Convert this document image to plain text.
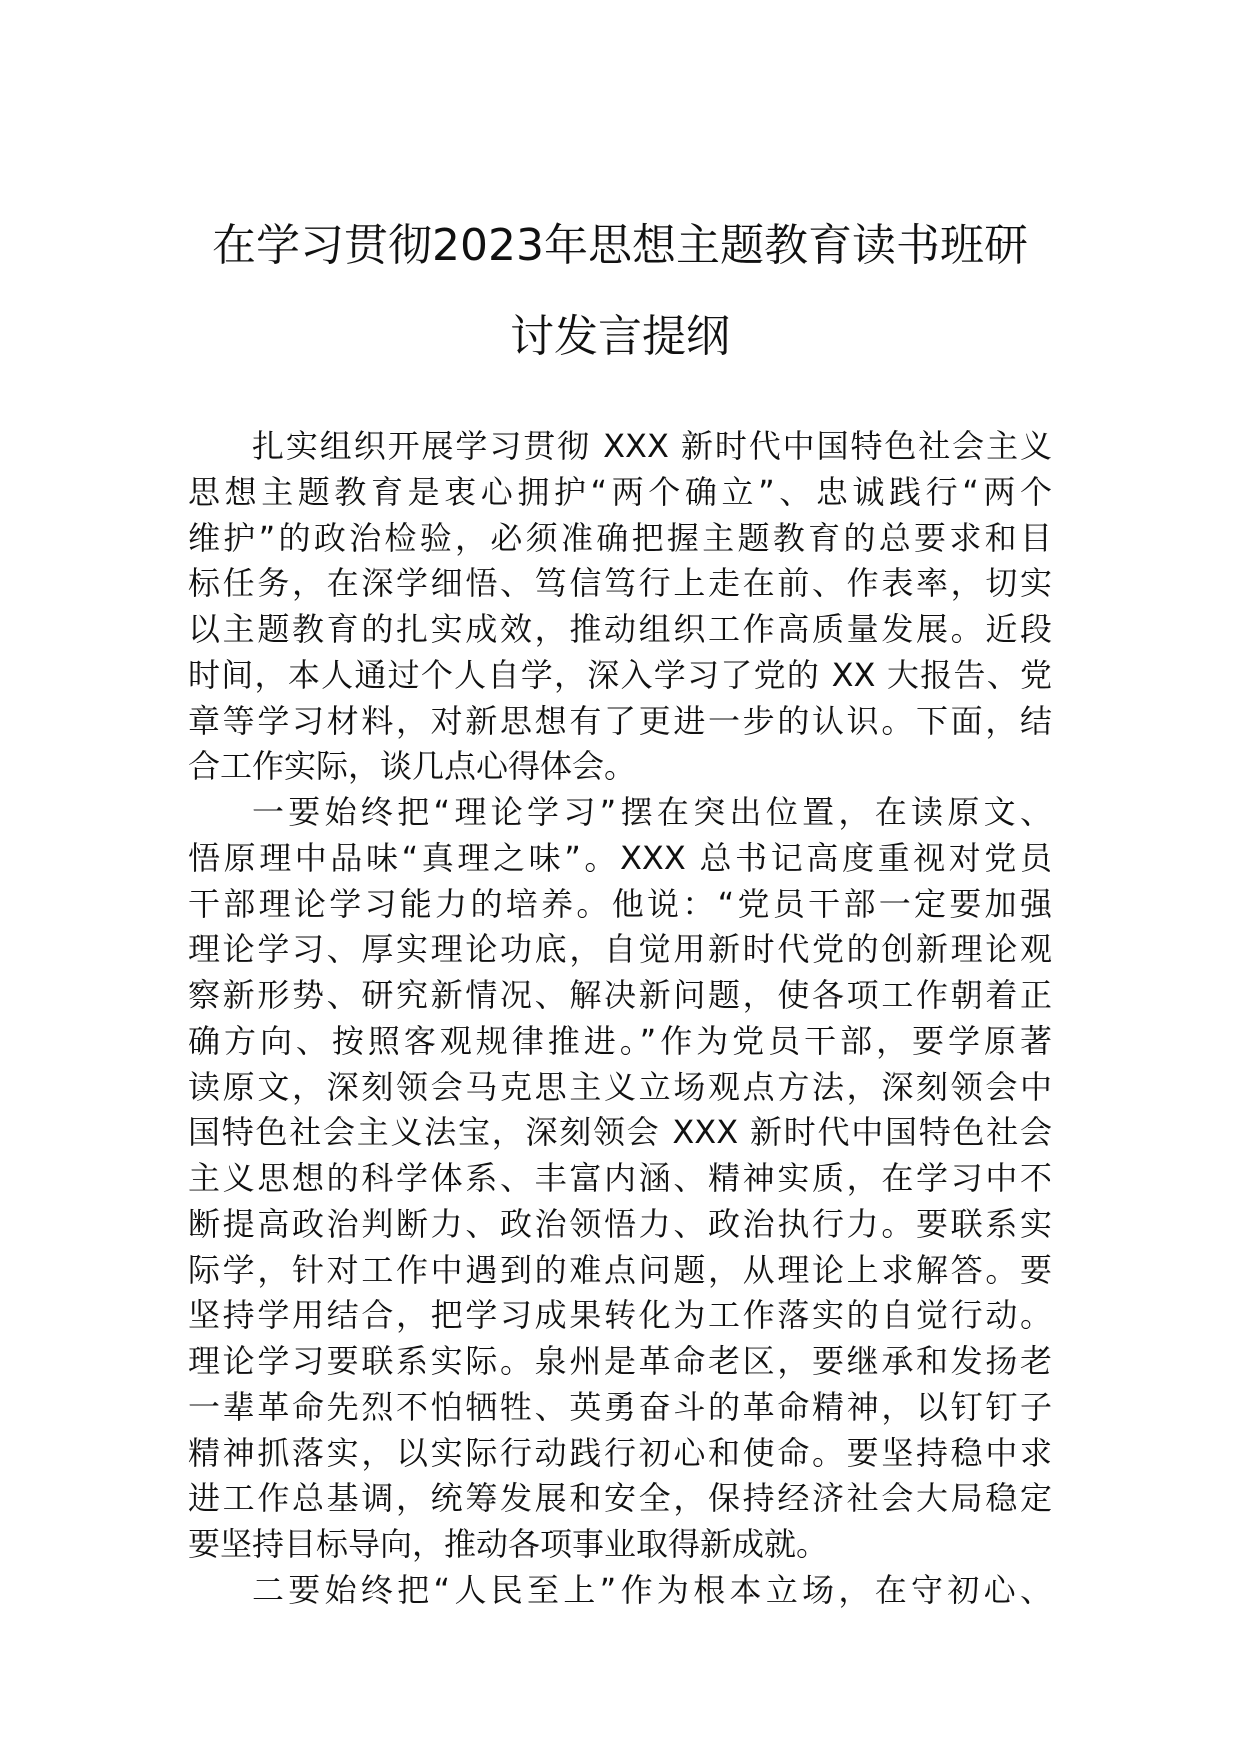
在学习贯彻2023年思想主题教育读书班研
讨发言提纲
扎实组织开展学习贯彻 XXX 新时代中国特色社会主义
思想主题教育是衷心拥护“两个确立”、忠诚践行“两个
维护”的政治检验，必须准确把握主题教育的总要求和目
标任务，在深学细悟、笃信笃行上走在前、作表率，切实
以主题教育的扎实成效，推动组织工作高质量发展。近段
时间，本人通过个人自学，深入学习了党的 XX 大报告、党
章等学习材料，对新思想有了更进一步的认识。下面，结
合工作实际，谈几点心得体会。
一要始终把“理论学习”摆在突出位置，在读原文、
悟原理中品味“真理之味”。XXX 总书记高度重视对党员
干部理论学习能力的培养。他说：“党员干部一定要加强
理论学习、厚实理论功底，自觉用新时代党的创新理论观
察新形势、研究新情况、解决新问题，使各项工作朝着正
确方向、按照客观规律推进。”作为党员干部，要学原著
读原文，深刻领会马克思主义立场观点方法，深刻领会中
国特色社会主义法宝，深刻领会 XXX 新时代中国特色社会
主义思想的科学体系、丰富内涵、精神实质，在学习中不
断提高政治判断力、政治领悟力、政治执行力。要联系实
际学，针对工作中遇到的难点问题，从理论上求解答。要
坚持学用结合，把学习成果转化为工作落实的自觉行动。
理论学习要联系实际。泉州是革命老区，要继承和发扬老
一辈革命先烈不怕牺牲、英勇奋斗的革命精神，以钉钉子
精神抓落实，以实际行动践行初心和使命。要坚持稳中求
进工作总基调，统筹发展和安全，保持经济社会大局稳定
要坚持目标导向，推动各项事业取得新成就。
二要始终把“人民至上”作为根本立场，在守初心、
